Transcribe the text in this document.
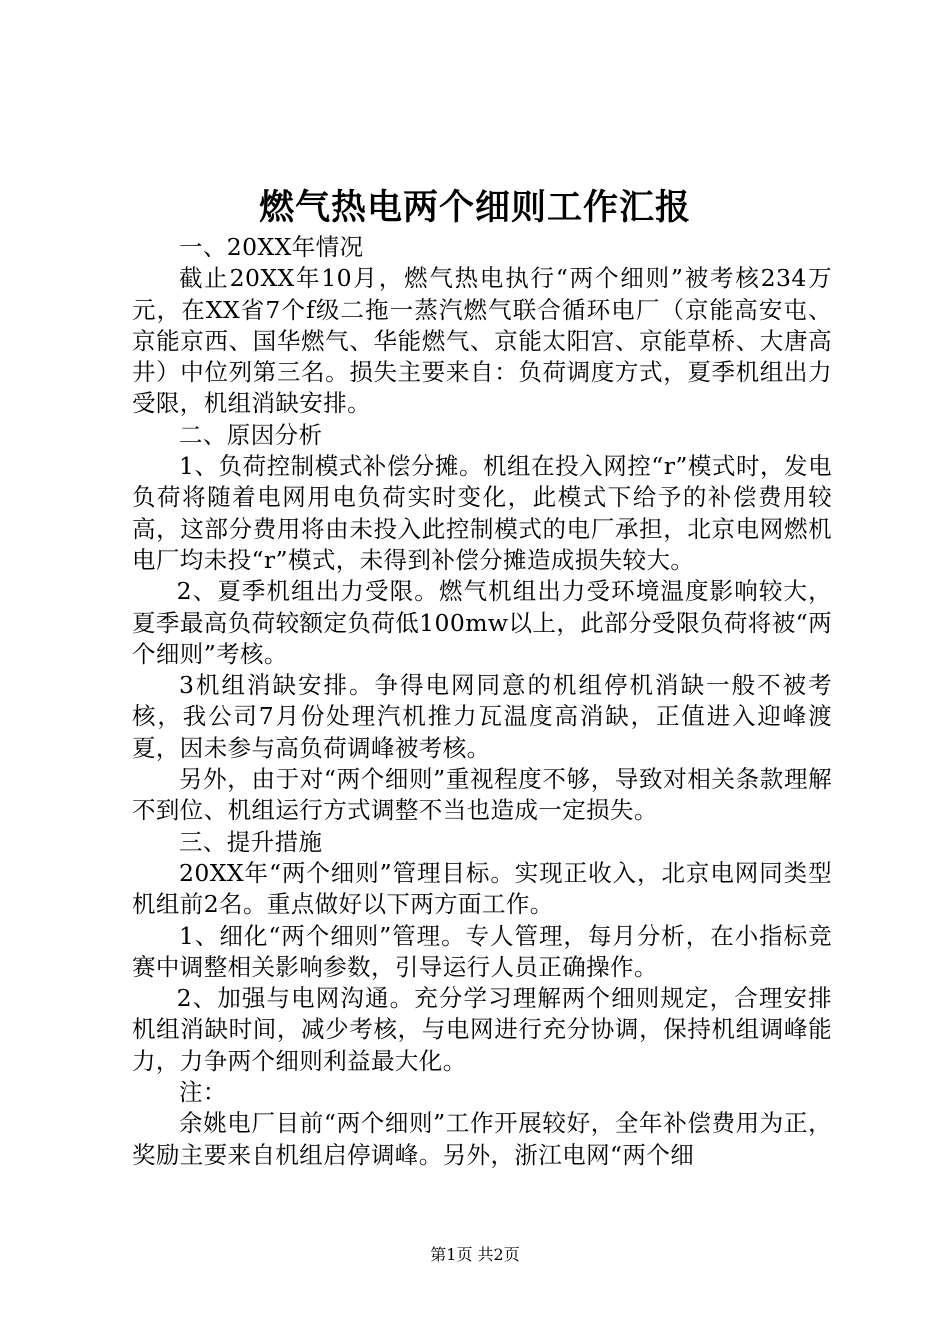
燃气热电两个细则工作汇报

一、20XX年情况

截止20XX年10月，燃气热电执行“两个细则”被考核234万元，在XX省7个f级二拖一蒸汽燃气联合循环电厂（京能高安屯、京能京西、国华燃气、华能燃气、京能太阳宫、京能草桥、大唐高井）中位列第三名。损失主要来自：负荷调度方式，夏季机组出力受限，机组消缺安排。

二、原因分析

1、负荷控制模式补偿分摊。机组在投入网控“r”模式时，发电负荷将随着电网用电负荷实时变化，此模式下给予的补偿费用较高，这部分费用将由未投入此控制模式的电厂承担，北京电网燃机电厂均未投“r”模式，未得到补偿分摊造成损失较大。

2、夏季机组出力受限。燃气机组出力受环境温度影响较大，夏季最高负荷较额定负荷低100mw以上，此部分受限负荷将被“两个细则”考核。

3机组消缺安排。争得电网同意的机组停机消缺一般不被考核，我公司7月份处理汽机推力瓦温度高消缺，正值进入迎峰渡夏，因未参与高负荷调峰被考核。

另外，由于对“两个细则”重视程度不够，导致对相关条款理解不到位、机组运行方式调整不当也造成一定损失。

三、提升措施

20XX年“两个细则”管理目标。实现正收入，北京电网同类型机组前2名。重点做好以下两方面工作。

1、细化“两个细则”管理。专人管理，每月分析，在小指标竞赛中调整相关影响参数，引导运行人员正确操作。

2、加强与电网沟通。充分学习理解两个细则规定，合理安排机组消缺时间，减少考核，与电网进行充分协调，保持机组调峰能力，力争两个细则利益最大化。

注：

余姚电厂目前“两个细则”工作开展较好，全年补偿费用为正，奖励主要来自机组启停调峰。另外，浙江电网“两个细

第1页 共2页
